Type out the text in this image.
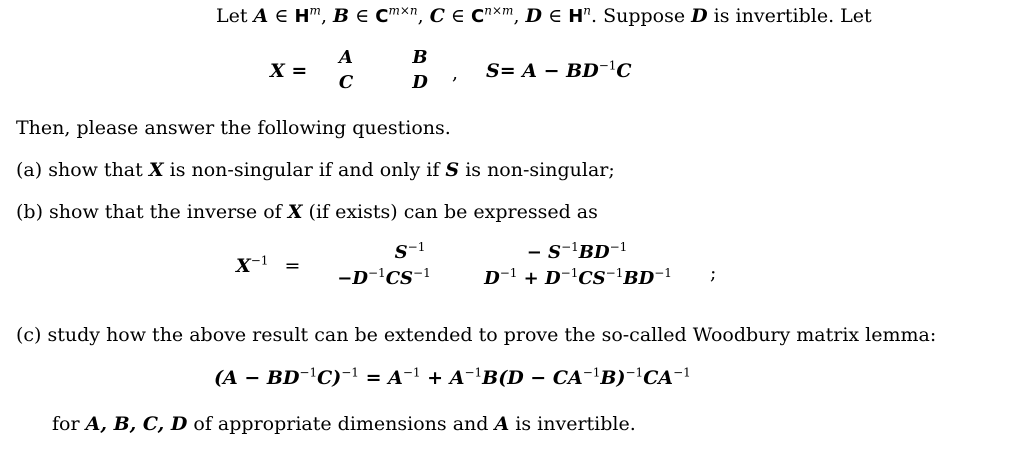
Let A ∈ $H^m$, B ∈ $C^{m\times n}$, C ∈ $C^{n\times m}$, D ∈ $H^n$. Suppose D is invertible. Let
X =
A	B
C	D , $S= A - BD^{-1}C$
Then, please answer the following questions.
(a) show that X is non-singular if and only if S is non-singular;
(b) show that the inverse of X (if exists) can be expressed as
$X^{-1}$ =
$S^{-1}$	− $S^{-1}BD^{-1}$
$-D^{-1}CS^{-1}$	$D^{-1} + D^{-1}CS^{-1}BD^{-1}$ ;
(c) study how the above result can be extended to prove the so-called Woodbury matrix lemma:
$(A - BD^{-1}C)^{-1} = A^{-1} + A^{-1}B(D - CA^{-1}B)^{-1}CA^{-1}$
for A, B, C, D of appropriate dimensions and A is invertible.
